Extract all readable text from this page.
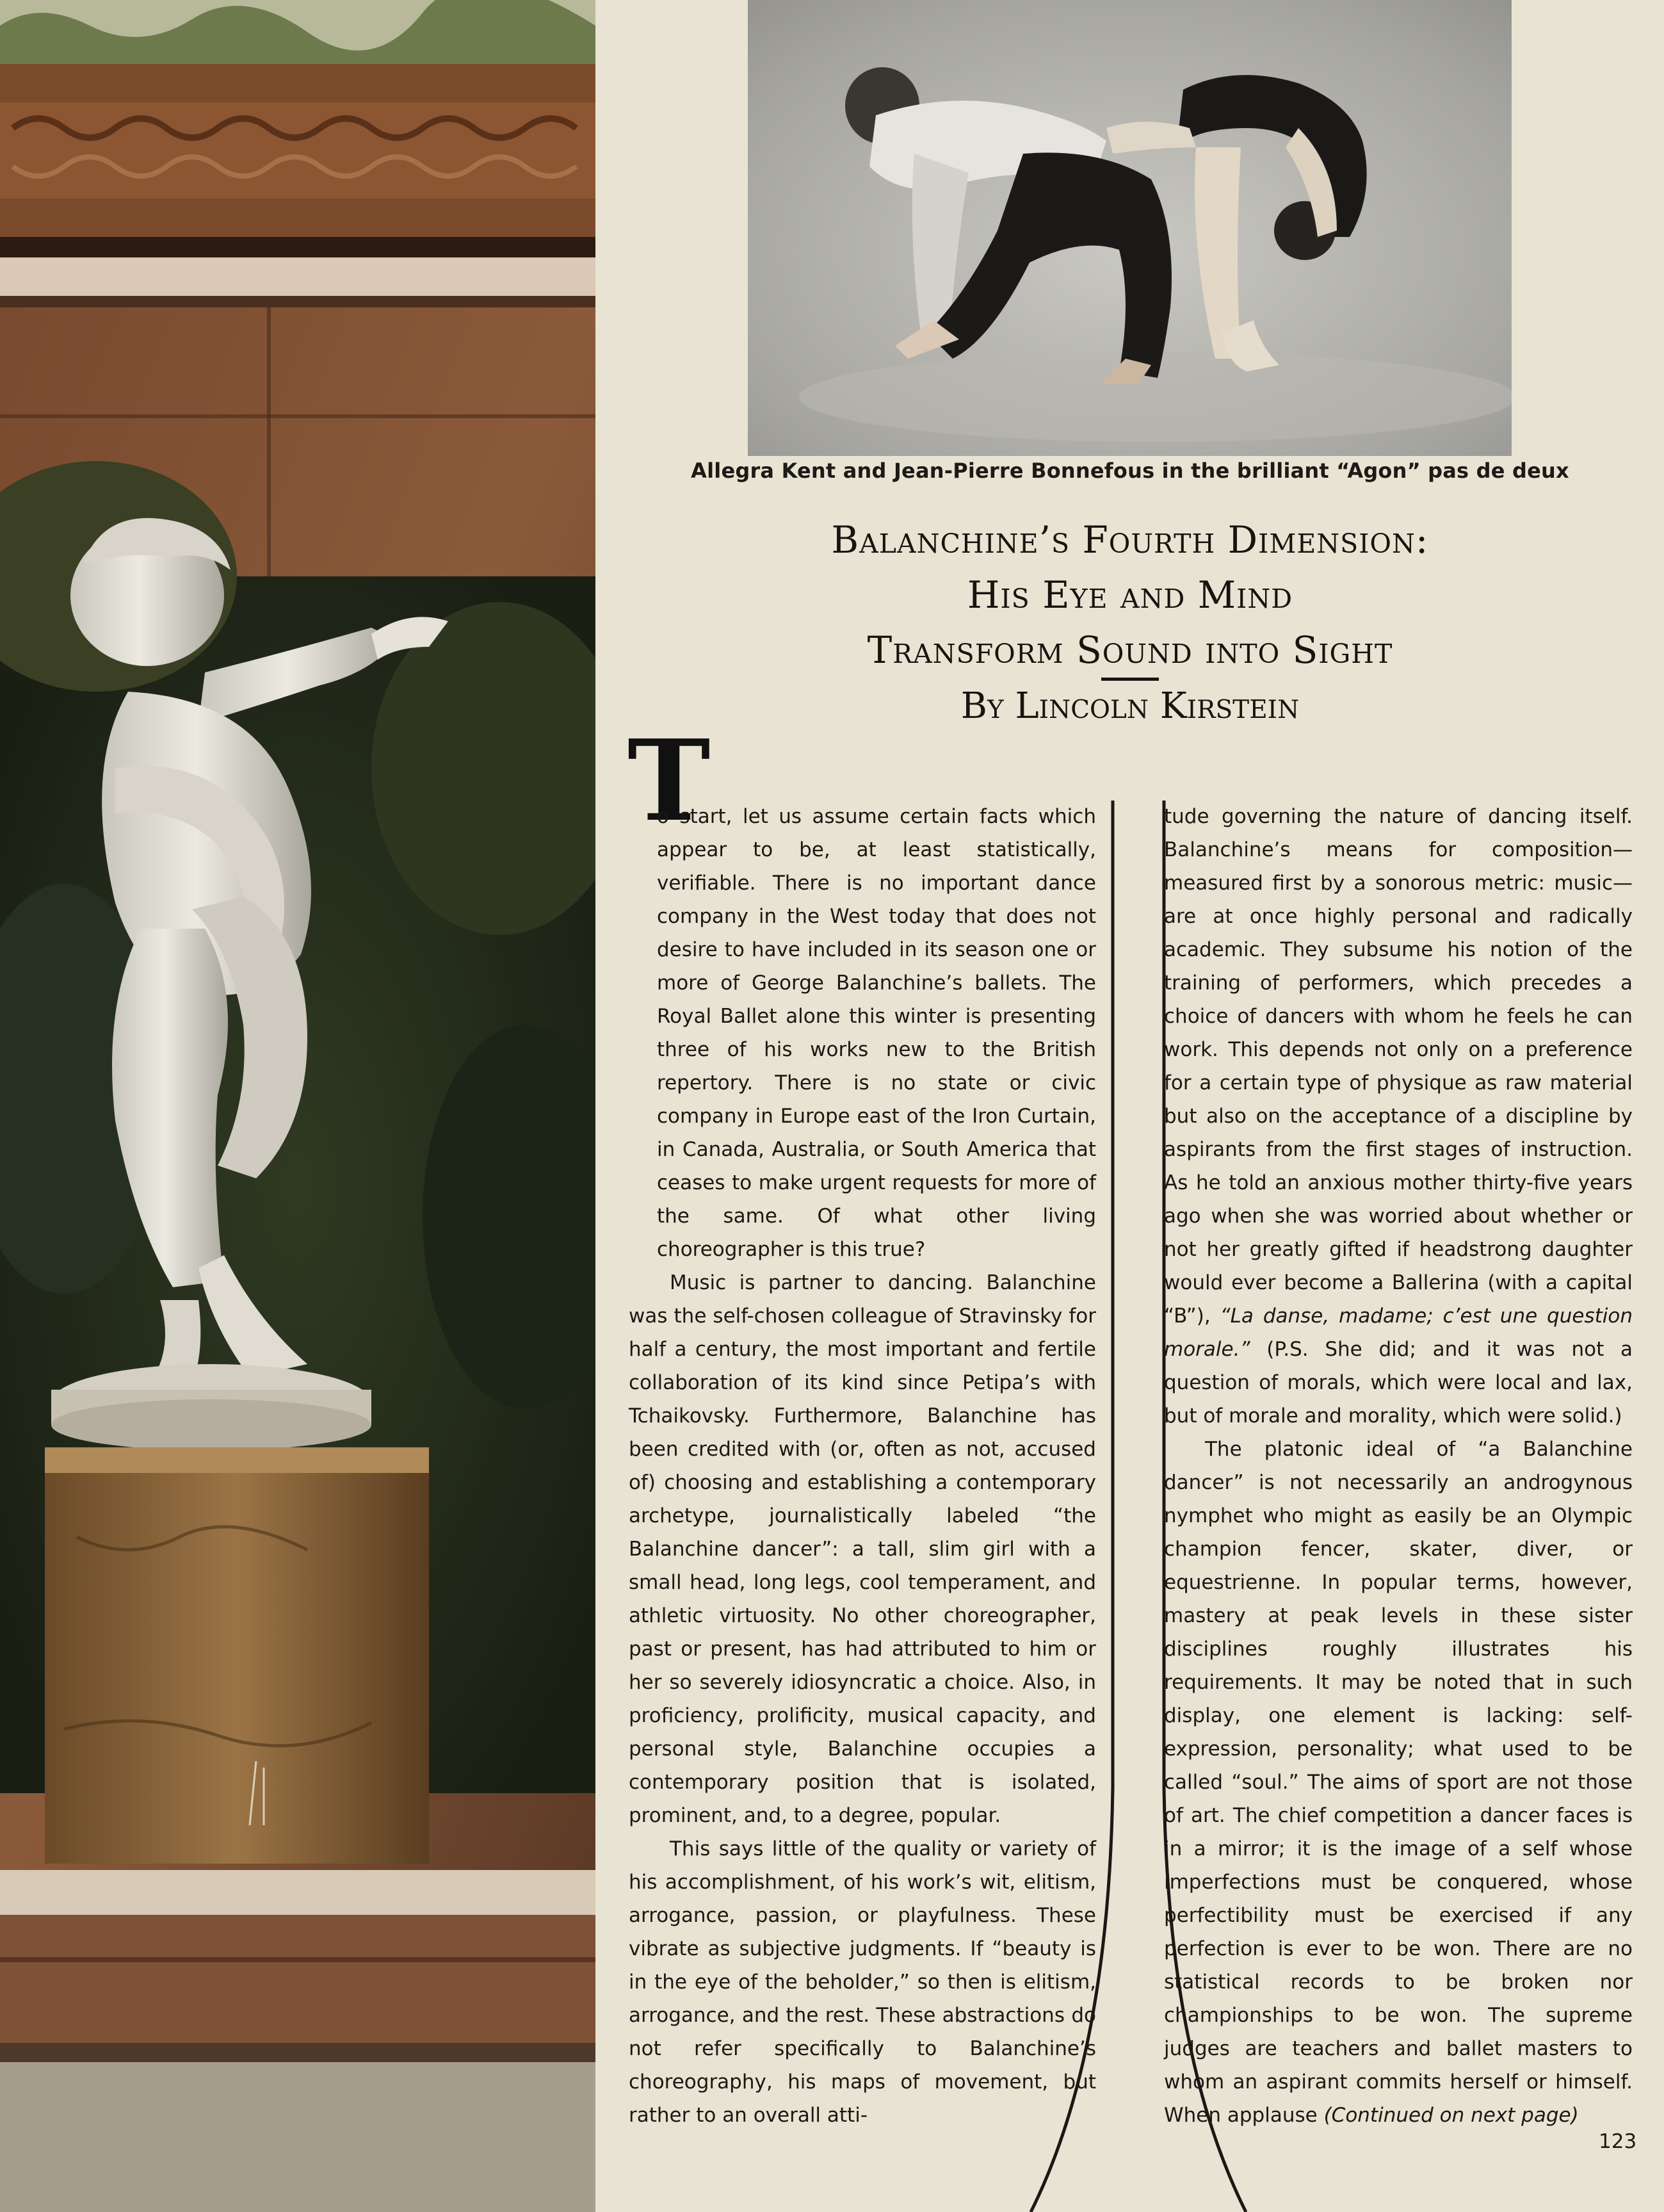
Allegra Kent and Jean-Pierre Bonnefous in the brilliant “Agon” pas de deux
Balanchine’s Fourth Dimension:
His Eye and Mind
Transform Sound into Sight
By Lincoln Kirstein
T

o start, let us assume certain facts which appear to be, at least statistically, verifiable. There is no important dance company in the West today that does not desire to have included in its season one or more of George Balanchine’s ballets. The Royal Ballet alone this winter is presenting three of his works new to the British repertory. There is no state or civic company in Europe east of the Iron Curtain, in Canada, Australia, or South America that ceases to make urgent requests for more of the same. Of what other living choreographer is this true?

Music is partner to dancing. Balanchine was the self-chosen colleague of Stravinsky for half a century, the most important and fertile collaboration of its kind since Petipa’s with Tchaikovsky. Furthermore, Balanchine has been credited with (or, often as not, accused of) choosing and establishing a contemporary archetype, journalistically labeled “the Balanchine dancer”: a tall, slim girl with a small head, long legs, cool temperament, and athletic virtuosity. No other choreographer, past or present, has had attributed to him or her so severely idiosyncratic a choice. Also, in proficiency, prolificity, musical capacity, and personal style, Balanchine occupies a contemporary position that is isolated, prominent, and, to a degree, popular.

This says little of the quality or variety of his accomplishment, of his work’s wit, elitism, arrogance, passion, or playfulness. These vibrate as subjective judgments. If “beauty is in the eye of the beholder,” so then is elitism, arrogance, and the rest. These abstractions do not refer specifically to Balanchine’s choreography, his maps of movement, but rather to an overall atti-

tude governing the nature of dancing itself. Balanchine’s means for composition—measured first by a sonorous metric: music—are at once highly personal and radically academic. They subsume his notion of the training of performers, which precedes a choice of dancers with whom he feels he can work. This depends not only on a preference for a certain type of physique as raw material but also on the acceptance of a discipline by aspirants from the first stages of instruction. As he told an anxious mother thirty-five years ago when she was worried about whether or not her greatly gifted if headstrong daughter would ever become a Ballerina (with a capital “B”), “La danse, madame; c’est une question morale.” (P.S. She did; and it was not a question of morals, which were local and lax, but of morale and morality, which were solid.)

The platonic ideal of “a Balanchine dancer” is not necessarily an androgynous nymphet who might as easily be an Olympic champion fencer, skater, diver, or equestrienne. In popular terms, however, mastery at peak levels in these sister disciplines roughly illustrates his requirements. It may be noted that in such display, one element is lacking: self-expression, personality; what used to be called “soul.” The aims of sport are not those of art. The chief competition a dancer faces is in a mirror; it is the image of a self whose imperfections must be conquered, whose perfectibility must be exercised if any perfection is ever to be won. There are no statistical records to be broken nor championships to be won. The supreme judges are teachers and ballet masters to whom an aspirant commits herself or himself. When applause (Continued on next page)

123
